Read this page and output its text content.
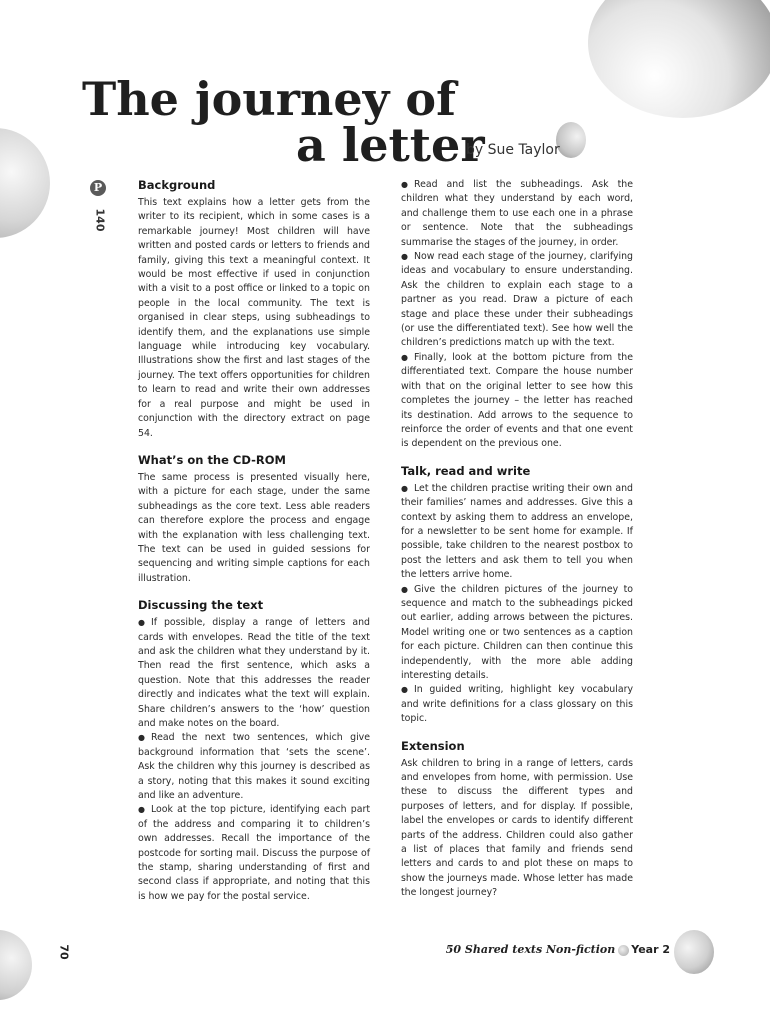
The journey of
a letter
by Sue Taylor
P
140
Background

This text explains how a letter gets from the writer to its recipient, which in some cases is a remarkable journey! Most children will have written and posted cards or letters to friends and family, giving this text a meaningful context. It would be most effective if used in conjunction with a visit to a post office or linked to a topic on people in the local community. The text is organised in clear steps, using subheadings to identify them, and the explanations use simple language while introducing key vocabulary. Illustrations show the first and last stages of the journey. The text offers opportunities for children to learn to read and write their own addresses for a real purpose and might be used in conjunction with the directory extract on page 54.

What’s on the CD-ROM

The same process is presented visually here, with a picture for each stage, under the same subheadings as the core text. Less able readers can therefore explore the process and engage with the explanation with less challenging text. The text can be used in guided sessions for sequencing and writing simple captions for each illustration.

Discussing the text

● If possible, display a range of letters and cards with envelopes. Read the title of the text and ask the children what they understand by it. Then read the first sentence, which asks a question. Note that this addresses the reader directly and indicates what the text will explain. Share children’s answers to the ‘how’ question and make notes on the board.

● Read the next two sentences, which give background information that ‘sets the scene’. Ask the children why this journey is described as a story, noting that this makes it sound exciting and like an adventure.

● Look at the top picture, identifying each part of the address and comparing it to children’s own addresses. Recall the importance of the postcode for sorting mail. Discuss the purpose of the stamp, sharing understanding of first and second class if appropriate, and noting that this is how we pay for the postal service.

● Read and list the subheadings. Ask the children what they understand by each word, and challenge them to use each one in a phrase or sentence. Note that the subheadings summarise the stages of the journey, in order.

● Now read each stage of the journey, clarifying ideas and vocabulary to ensure understanding. Ask the children to explain each stage to a partner as you read. Draw a picture of each stage and place these under their subheadings (or use the differentiated text). See how well the children’s predictions match up with the text.

● Finally, look at the bottom picture from the differentiated text. Compare the house number with that on the original letter to see how this completes the journey – the letter has reached its destination. Add arrows to the sequence to reinforce the order of events and that one event is dependent on the previous one.

Talk, read and write

● Let the children practise writing their own and their families’ names and addresses. Give this a context by asking them to address an envelope, for a newsletter to be sent home for example. If possible, take children to the nearest postbox to post the letters and ask them to tell you when the letters arrive home.

● Give the children pictures of the journey to sequence and match to the subheadings picked out earlier, adding arrows between the pictures. Model writing one or two sentences as a caption for each picture. Children can then continue this independently, with the more able adding interesting details.

● In guided writing, highlight key vocabulary and write definitions for a class glossary on this topic.

Extension

Ask children to bring in a range of letters, cards and envelopes from home, with permission. Use these to discuss the different types and purposes of letters, and for display. If possible, label the envelopes or cards to identify different parts of the address. Children could also gather a list of places that family and friends send letters and cards to and plot these on maps to show the journeys made. Whose letter has made the longest journey?

70	50 Shared texts Non-fiction Year 2
